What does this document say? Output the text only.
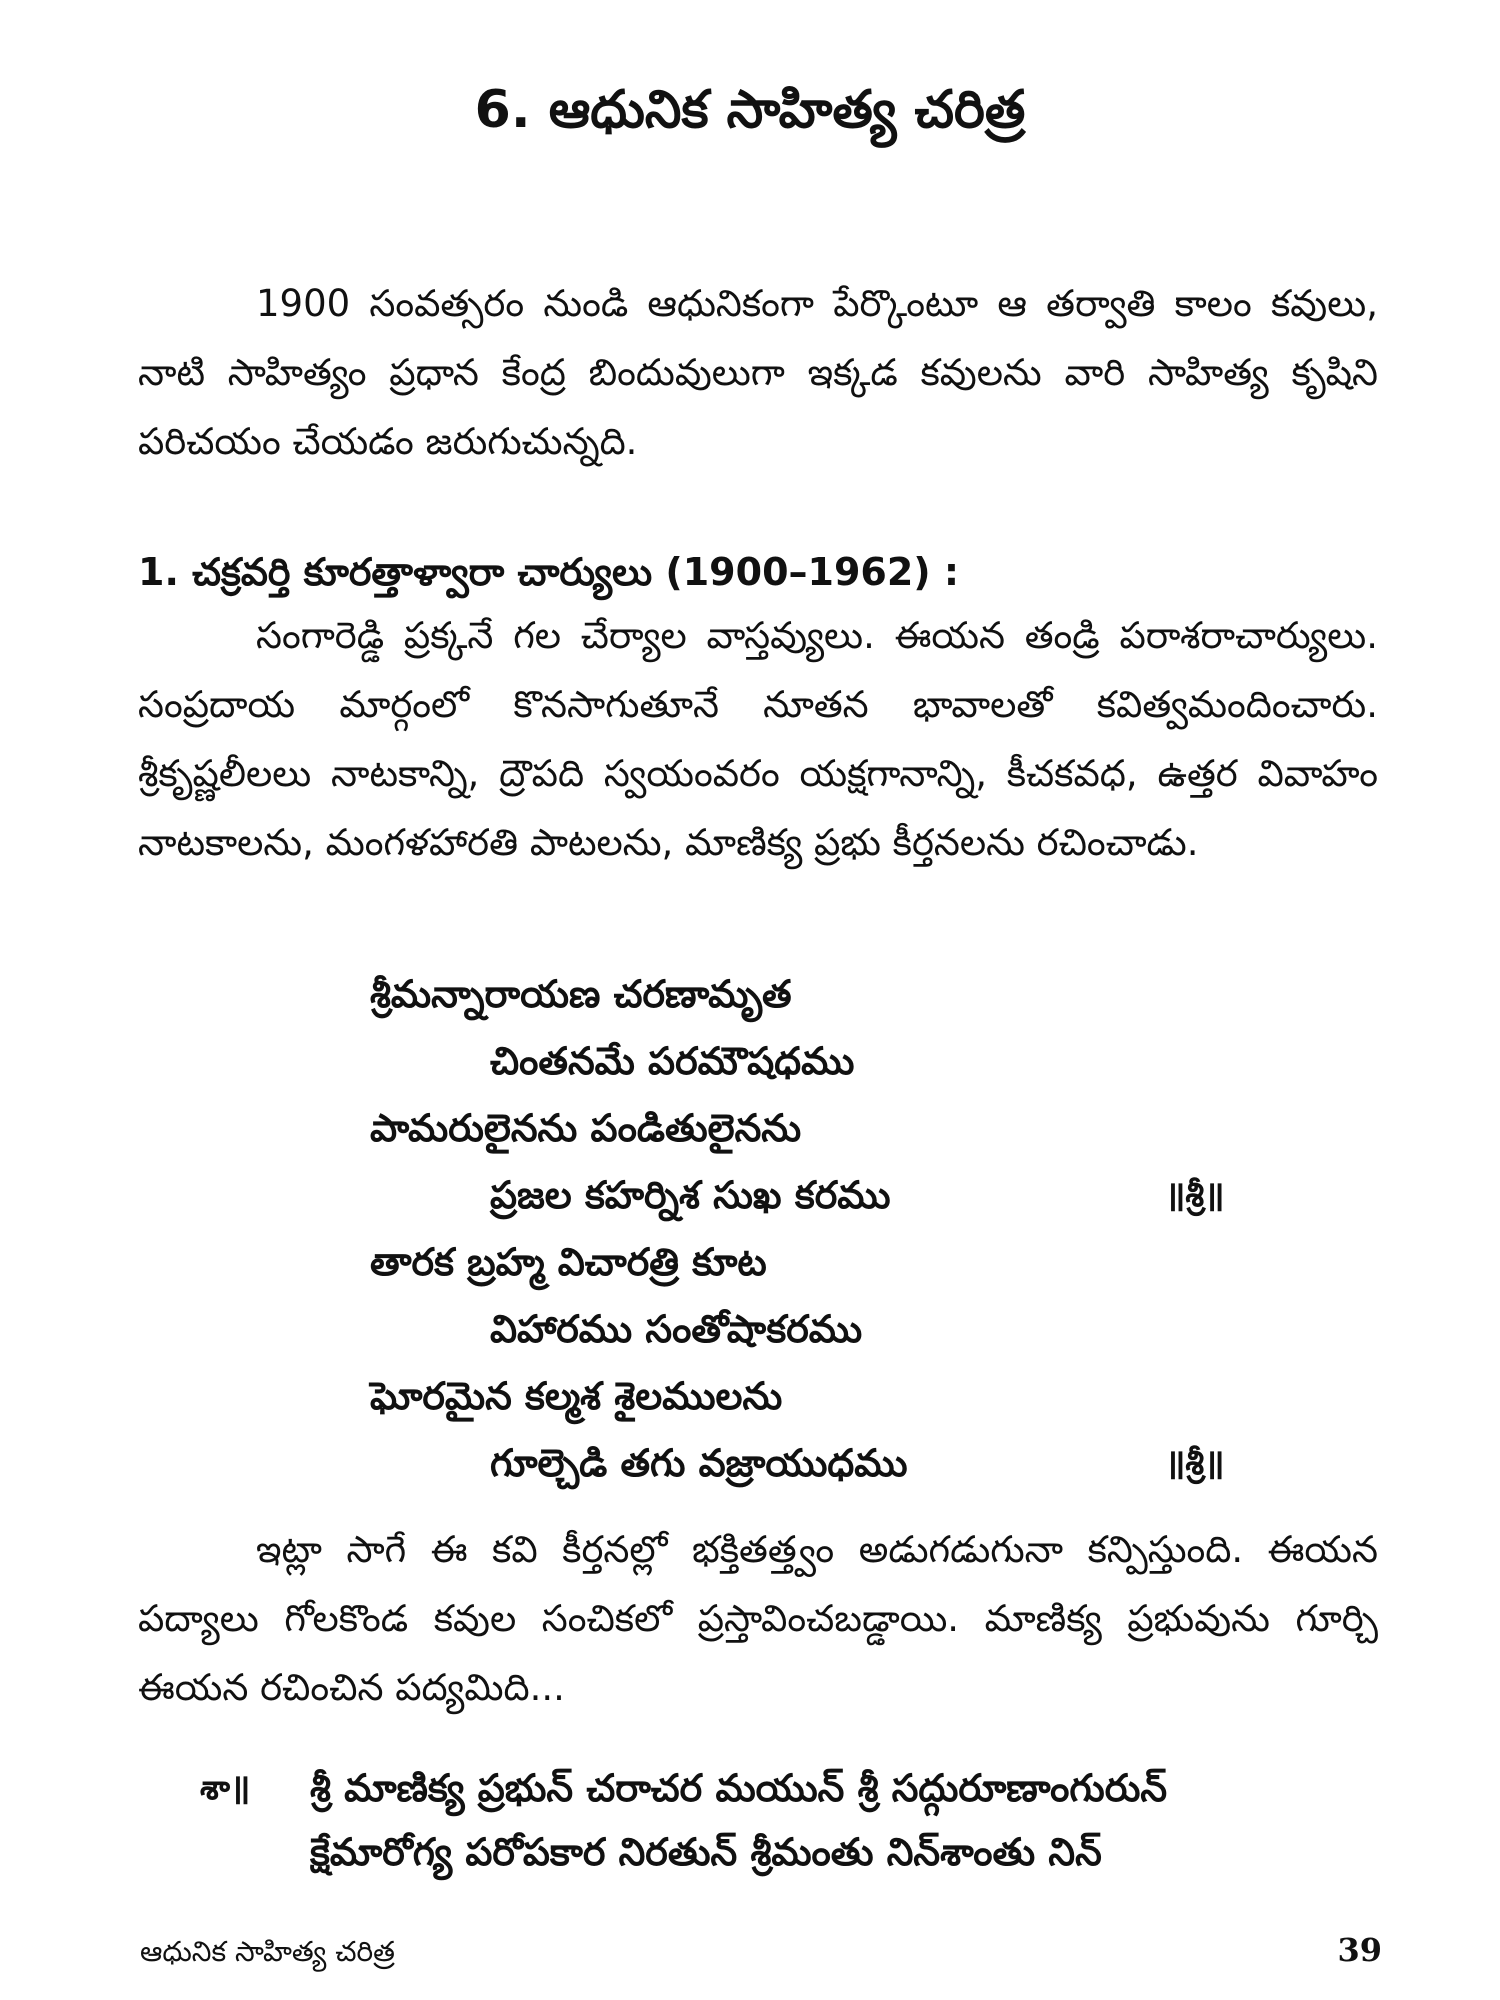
6. ఆధునిక సాహిత్య చరిత్ర
1900 సంవత్సరం నుండి ఆధునికంగా పేర్కొంటూ ఆ తర్వాతి కాలం కవులు, నాటి సాహిత్యం ప్రధాన కేంద్ర బిందువులుగా ఇక్కడ కవులను వారి సాహిత్య కృషిని పరిచయం చేయడం జరుగుచున్నది.
1. చక్రవర్తి కూరత్తాళ్వారా చార్యులు (1900–1962) :
సంగారెడ్డి ప్రక్కనే గల చేర్యాల వాస్తవ్యులు. ఈయన తండ్రి పరాశరాచార్యులు. సంప్రదాయ మార్గంలో కొనసాగుతూనే నూతన భావాలతో కవిత్వమందించారు. శ్రీకృష్ణలీలలు నాటకాన్ని, ద్రౌపది స్వయంవరం యక్షగానాన్ని, కీచకవధ, ఉత్తర వివాహం నాటకాలను, మంగళహారతి పాటలను, మాణిక్య ప్రభు కీర్తనలను రచించాడు.
శ్రీమన్నారాయణ చరణామృత
చింతనమే పరమౌషధము
పామరులైనను పండితులైనను
ప్రజల కహర్నిశ సుఖ కరము	॥శ్రీ॥
తారక బ్రహ్మ విచారత్రి కూట
విహారము సంతోషాకరము
ఘోరమైన కల్మశ శైలములను
గూల్చెడి తగు వజ్రాయుధము	॥శ్రీ॥
ఇట్లా సాగే ఈ కవి కీర్తనల్లో భక్తితత్త్వం అడుగడుగునా కన్పిస్తుంది. ఈయన పద్యాలు గోలకొండ కవుల సంచికలో ప్రస్తావించబడ్డాయి. మాణిక్య ప్రభువును గూర్చి ఈయన రచించిన పద్యమిది...
శా॥ శ్రీ మాణిక్య ప్రభున్ చరాచర మయున్ శ్రీ సద్గురూణాంగురున్
క్షేమారోగ్య పరోపకార నిరతున్ శ్రీమంతు నిన్‌శాంతు నిన్
ఆధునిక సాహిత్య చరిత్ర	39
